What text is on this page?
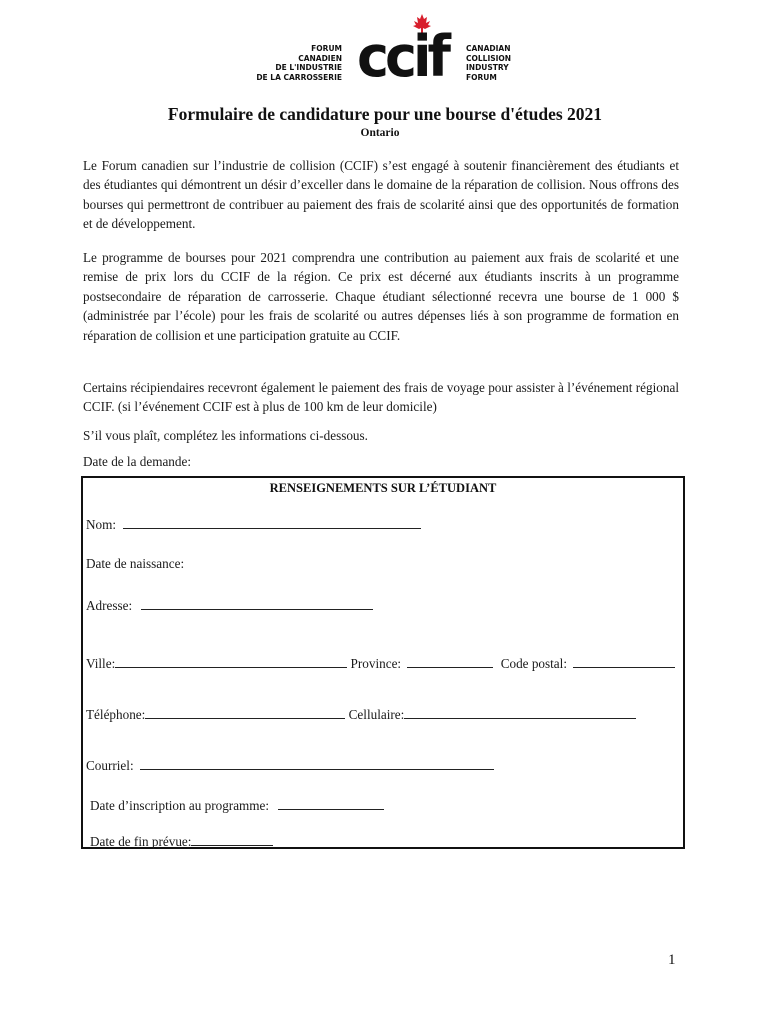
FORUM
CANADIEN
DE L'INDUSTRIE
DE LA CARROSSERIE ccif	CANADIAN
COLLISION
INDUSTRY
FORUM
Formulaire de candidature pour une bourse d'études 2021
Ontario
Le Forum canadien sur l’industrie de collision (CCIF) s’est engagé à soutenir financièrement des étudiants et des étudiantes qui démontrent un désir d’exceller dans le domaine de la réparation de collision. Nous offrons des bourses qui permettront de contribuer au paiement des frais de scolarité ainsi que des opportunités de formation et de développement.
Le programme de bourses pour 2021 comprendra une contribution au paiement aux frais de scolarité et une remise de prix lors du CCIF de la région. Ce prix est décerné aux étudiants inscrits à un programme postsecondaire de réparation de carrosserie. Chaque étudiant sélectionné recevra une bourse de 1 000 $ (administrée par l’école) pour les frais de scolarité ou autres dépenses liés à son programme de formation en réparation de collision et une participation gratuite au CCIF.
Certains récipiendaires recevront également le paiement des frais de voyage pour assister à l’événement régional CCIF. (si l’événement CCIF est à plus de 100 km de leur domicile)
S’il vous plaît, complétez les informations ci-dessous.
Date de la demande:
RENSEIGNEMENTS SUR L’ÉTUDIANT
Nom:
Date de naissance:
Adresse:
Ville:	Province:	Code postal:
Téléphone:	Cellulaire:
Courriel:
Date d’inscription au programme:
Date de fin prévue:
1
